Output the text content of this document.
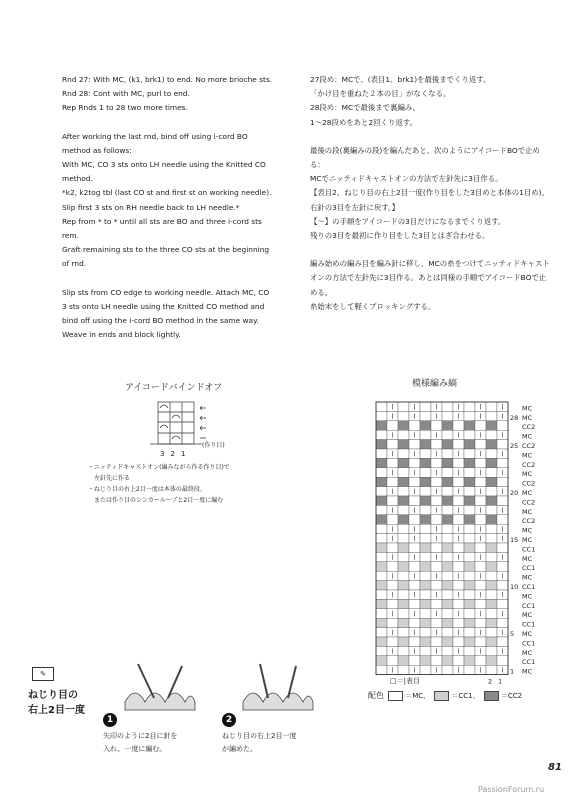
Rnd 27: With MC, (k1, brk1) to end. No more brioche sts.

Rnd 28: Cont with MC, purl to end.

Rep Rnds 1 to 28 two more times.

After working the last rnd, bind off using i-cord BO method as follows:

With MC, CO 3 sts onto LH needle using the Knitted CO method.

*k2, k2tog tbl (last CO st and first st on working needle).

Slip first 3 sts on RH needle back to LH needle.*

Rep from * to * until all sts are BO and three i-cord sts rem.

Graft remaining sts to the three CO sts at the beginning of rnd.

Slip sts from CO edge to working needle. Attach MC, CO 3 sts onto LH needle using the Knitted CO method and bind off using the i-cord BO method in the same way.

Weave in ends and block lightly.

27段め：MCで、(表目1、brk1)を最後までくり返す。

「かけ目を重ねた２本の目」がなくなる。

28段め：MCで最後まで裏編み。

1～28段めをあと2回くり返す。

最後の段(裏編みの段)を編んだあと、次のようにアイコードBOで止める：

MCでニッティドキャストオンの方法で左針先に3目作る。

【表目2、ねじり目の右上2目一度(作り目をした3目めと本体の1目め)。右針の3目を左針に戻す。】

【～】の手順をアイコードの3目だけになるまでくり返す。

残りの3目を最初に作り目をした3目とはぎ合わせる。

編み始めの編み目を編み針に移し、MCの糸をつけてニッティドキャストオンの方法で左針先に3目作る。あとは同様の手順でアイコードBOで止める。

糸始末をして軽くブロッキングする。

アイコードバインドオフ
321
(作り目)

・ニッティドキャストオン(編みながら作る作り目)で

　左針先に作る

・ねじり目の右上2目一度は本体の最終段、

　または作り目のシンカーループと2目一度に編む

模様編み縞
MC
MC
CC2
MC
CC2
MC
CC2
MC
CC2
MC
CC2
MC
CC2
MC
MC
CC1
MC
CC1
MC
CC1
MC
CC1
MC
CC1
MC
CC1
MC
CC1
MC
28
25
20
15
10
5
1
2 1
□＝|表目
配色	＝MC、	＝CC1、	＝CC2
✎
ねじり目の
右上2目一度
1
矢印のように2目に針を
入れ、一度に編む。
2
ねじり目の右上2目一度
が編めた。
81
PassionForum.ru
